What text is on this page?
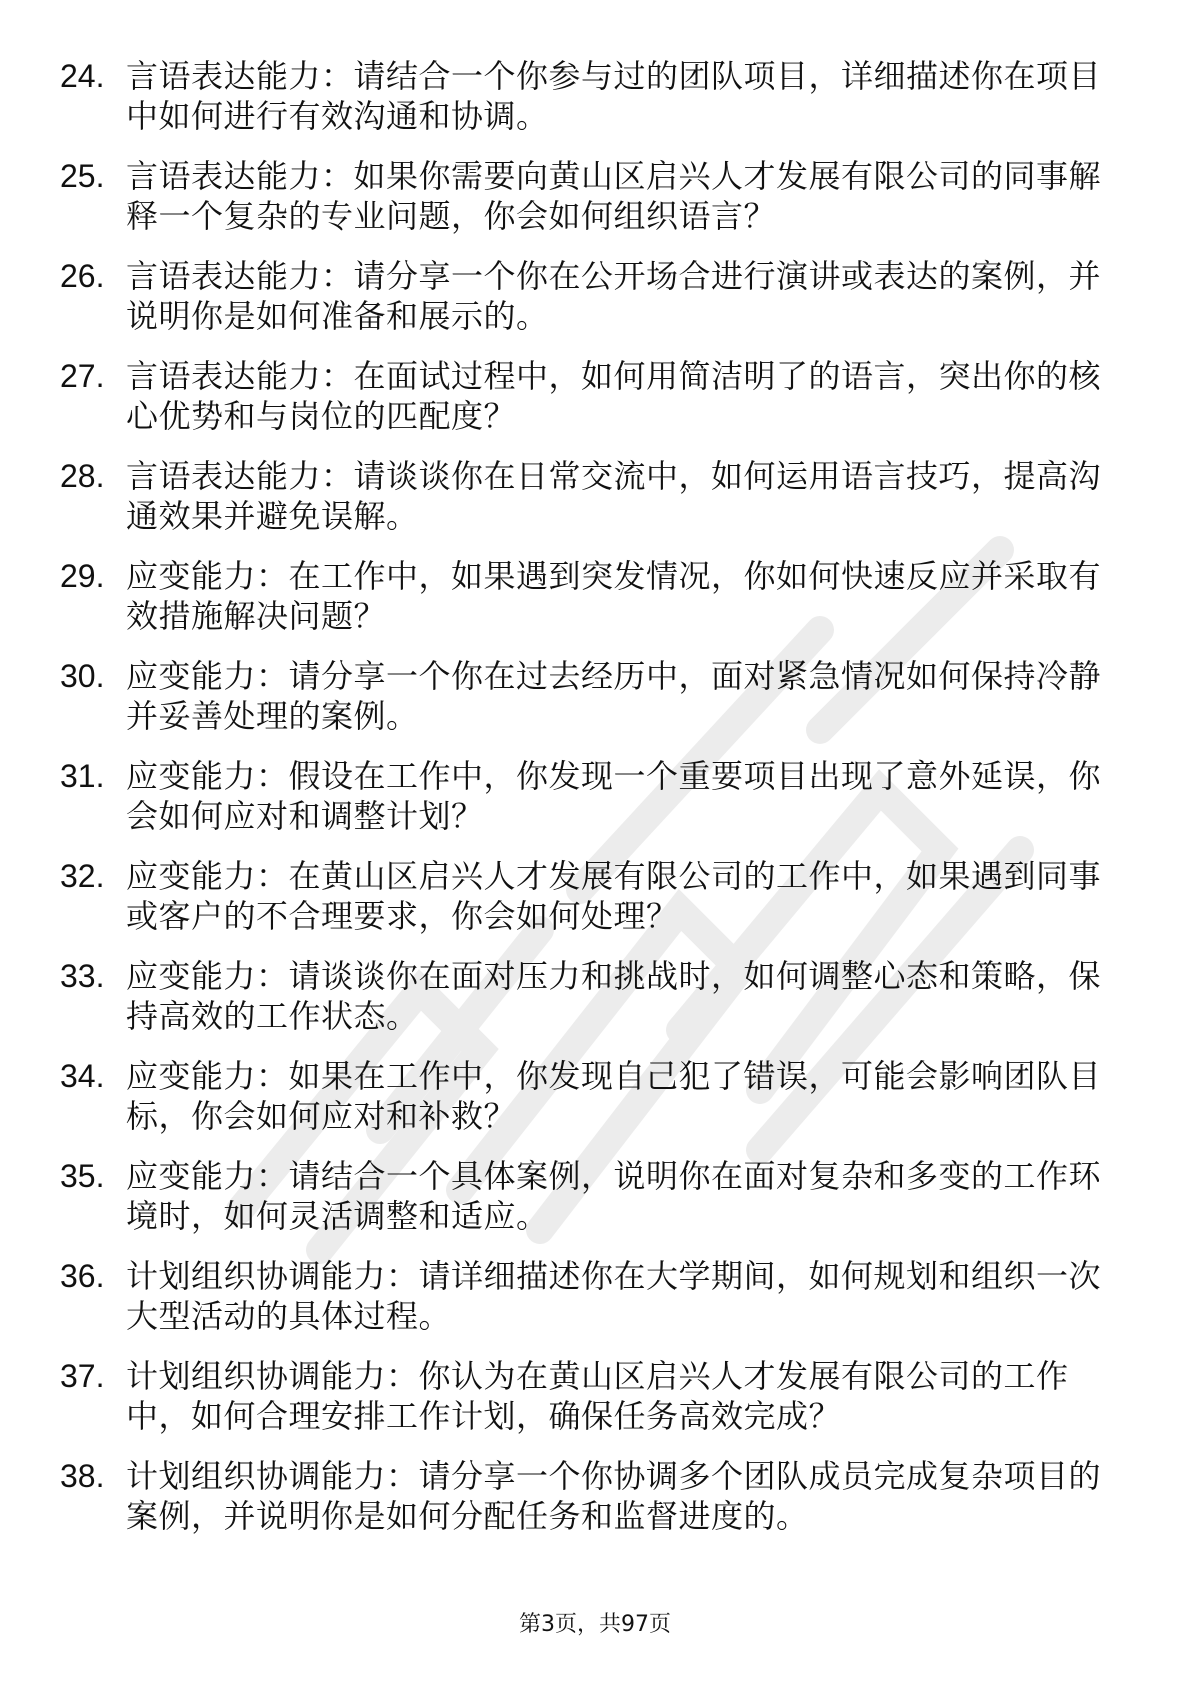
24. 言语表达能力：请结合一个你参与过的团队项目，详细描述你在项目中如何进行有效沟通和协调。
25. 言语表达能力：如果你需要向黄山区启兴人才发展有限公司的同事解释一个复杂的专业问题，你会如何组织语言？
26. 言语表达能力：请分享一个你在公开场合进行演讲或表达的案例，并说明你是如何准备和展示的。
27. 言语表达能力：在面试过程中，如何用简洁明了的语言，突出你的核心优势和与岗位的匹配度？
28. 言语表达能力：请谈谈你在日常交流中，如何运用语言技巧，提高沟通效果并避免误解。
29. 应变能力：在工作中，如果遇到突发情况，你如何快速反应并采取有效措施解决问题？
30. 应变能力：请分享一个你在过去经历中，面对紧急情况如何保持冷静并妥善处理的案例。
31. 应变能力：假设在工作中，你发现一个重要项目出现了意外延误，你会如何应对和调整计划？
32. 应变能力：在黄山区启兴人才发展有限公司的工作中，如果遇到同事或客户的不合理要求，你会如何处理？
33. 应变能力：请谈谈你在面对压力和挑战时，如何调整心态和策略，保持高效的工作状态。
34. 应变能力：如果在工作中，你发现自己犯了错误，可能会影响团队目标，你会如何应对和补救？
35. 应变能力：请结合一个具体案例，说明你在面对复杂和多变的工作环境时，如何灵活调整和适应。
36. 计划组织协调能力：请详细描述你在大学期间，如何规划和组织一次大型活动的具体过程。
37. 计划组织协调能力：你认为在黄山区启兴人才发展有限公司的工作中，如何合理安排工作计划，确保任务高效完成？
38. 计划组织协调能力：请分享一个你协调多个团队成员完成复杂项目的案例，并说明你是如何分配任务和监督进度的。
第3页，共97页
